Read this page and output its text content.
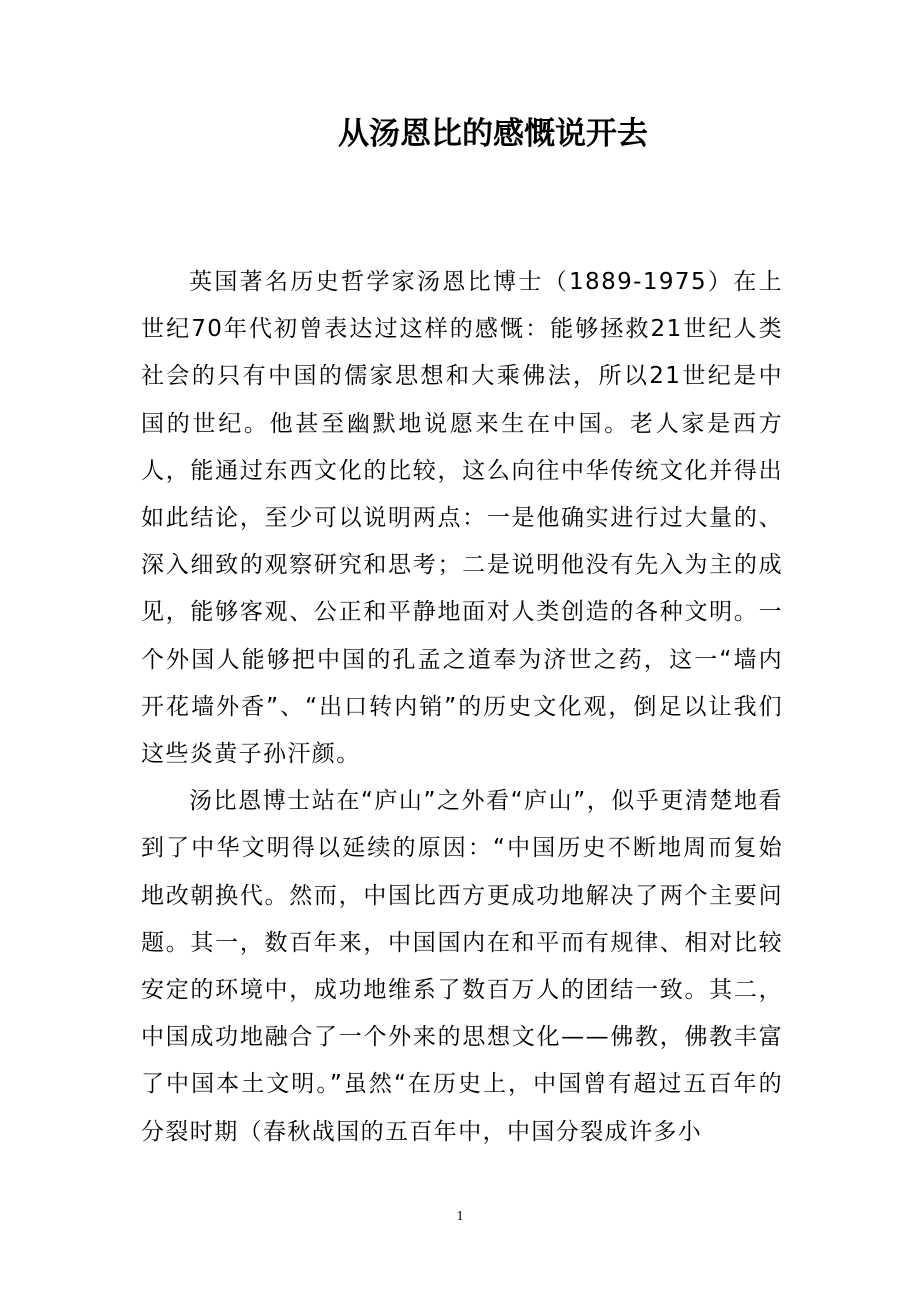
从汤恩比的感慨说开去

英国著名历史哲学家汤恩比博士（1889-1975）在上世纪70年代初曾表达过这样的感慨：能够拯救21世纪人类社会的只有中国的儒家思想和大乘佛法，所以21世纪是中国的世纪。他甚至幽默地说愿来生在中国。老人家是西方人，能通过东西文化的比较，这么向往中华传统文化并得出如此结论，至少可以说明两点：一是他确实进行过大量的、深入细致的观察研究和思考；二是说明他没有先入为主的成见，能够客观、公正和平静地面对人类创造的各种文明。一个外国人能够把中国的孔孟之道奉为济世之药，这一“墙内开花墙外香”、“出口转内销”的历史文化观，倒足以让我们这些炎黄子孙汗颜。

汤比恩博士站在“庐山”之外看“庐山”，似乎更清楚地看到了中华文明得以延续的原因：“中国历史不断地周而复始地改朝换代。然而，中国比西方更成功地解决了两个主要问题。其一，数百年来，中国国内在和平而有规律、相对比较安定的环境中，成功地维系了数百万人的团结一致。其二，中国成功地融合了一个外来的思想文化——佛教，佛教丰富了中国本土文明。”虽然“在历史上，中国曾有超过五百年的分裂时期（春秋战国的五百年中，中国分裂成许多小

1
